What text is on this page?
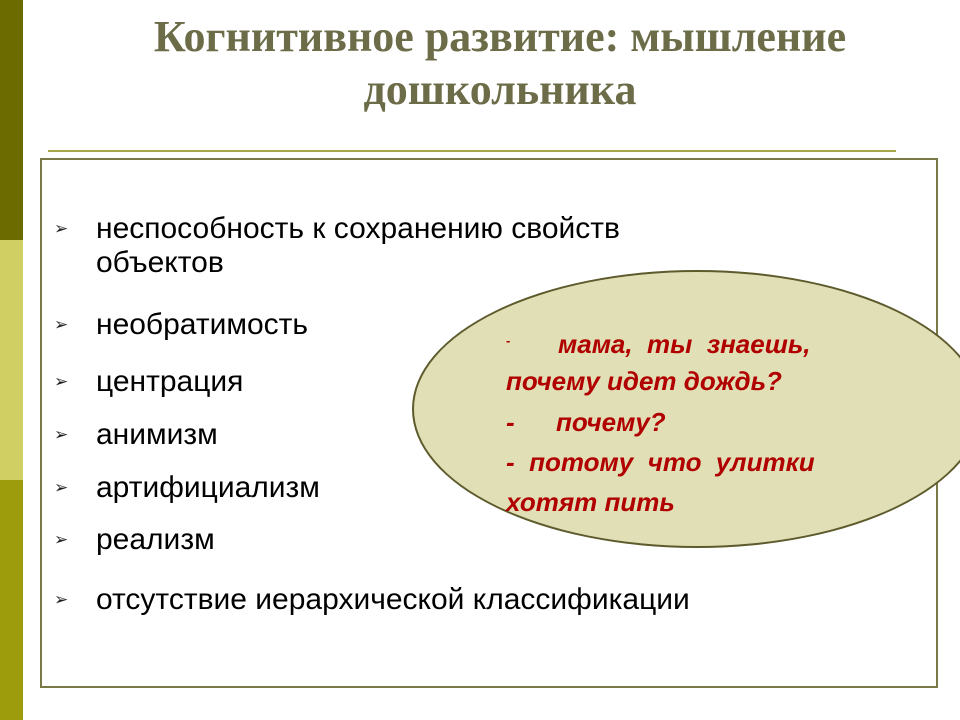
Когнитивное развитие: мышление
дошкольника
➢ неспособность к сохранению свойств
объектов
➢ необратимость
➢ центрация
➢ анимизм
➢ артифициализм
➢ реализм
➢ отсутствие иерархической классификации
- мама,  ты  знаешь,
почему идет дождь?
- почему?
-  потому  что  улитки
хотят пить
